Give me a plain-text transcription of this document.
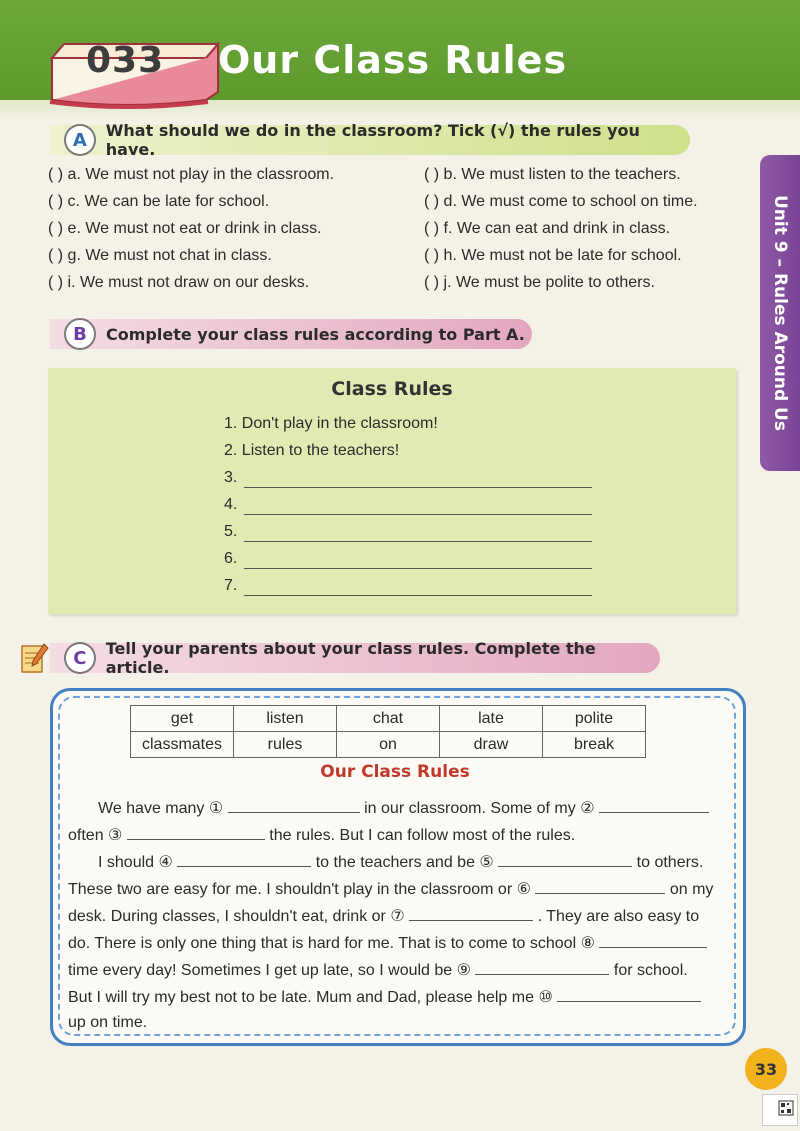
033 Our Class Rules
Unit 9 – Rules Around Us
A	What should we do in the classroom? Tick (√) the rules you have.
( ) a. We must not play in the classroom.
( ) c. We can be late for school.
( ) e. We must not eat or drink in class.
( ) g. We must not chat in class.
( ) i. We must not draw on our desks.
( ) b. We must listen to the teachers.
( ) d. We must come to school on time.
( ) f. We can eat and drink in class.
( ) h. We must not be late for school.
( ) j. We must be polite to others.
B	Complete your class rules according to Part A.
Class Rules
1. Don't play in the classroom!
2. Listen to the teachers!
3.
4.
5.
6.
7.
C	Tell your parents about your class rules. Complete the article.
get	listen	chat	late	polite
classmates	rules	on	draw	break
Our Class Rules
We have many ①	in our classroom. Some of my ②
often ③	the rules. But I can follow most of the rules.
I should ④	to the teachers and be ⑤	to others.
These two are easy for me. I shouldn't play in the classroom or ⑥	on my
desk. During classes, I shouldn't eat, drink or ⑦	. They are also easy to
do. There is only one thing that is hard for me. That is to come to school ⑧
time every day! Sometimes I get up late, so I would be ⑨	for school.
But I will try my best not to be late. Mum and Dad, please help me ⑩
up on time.
33
